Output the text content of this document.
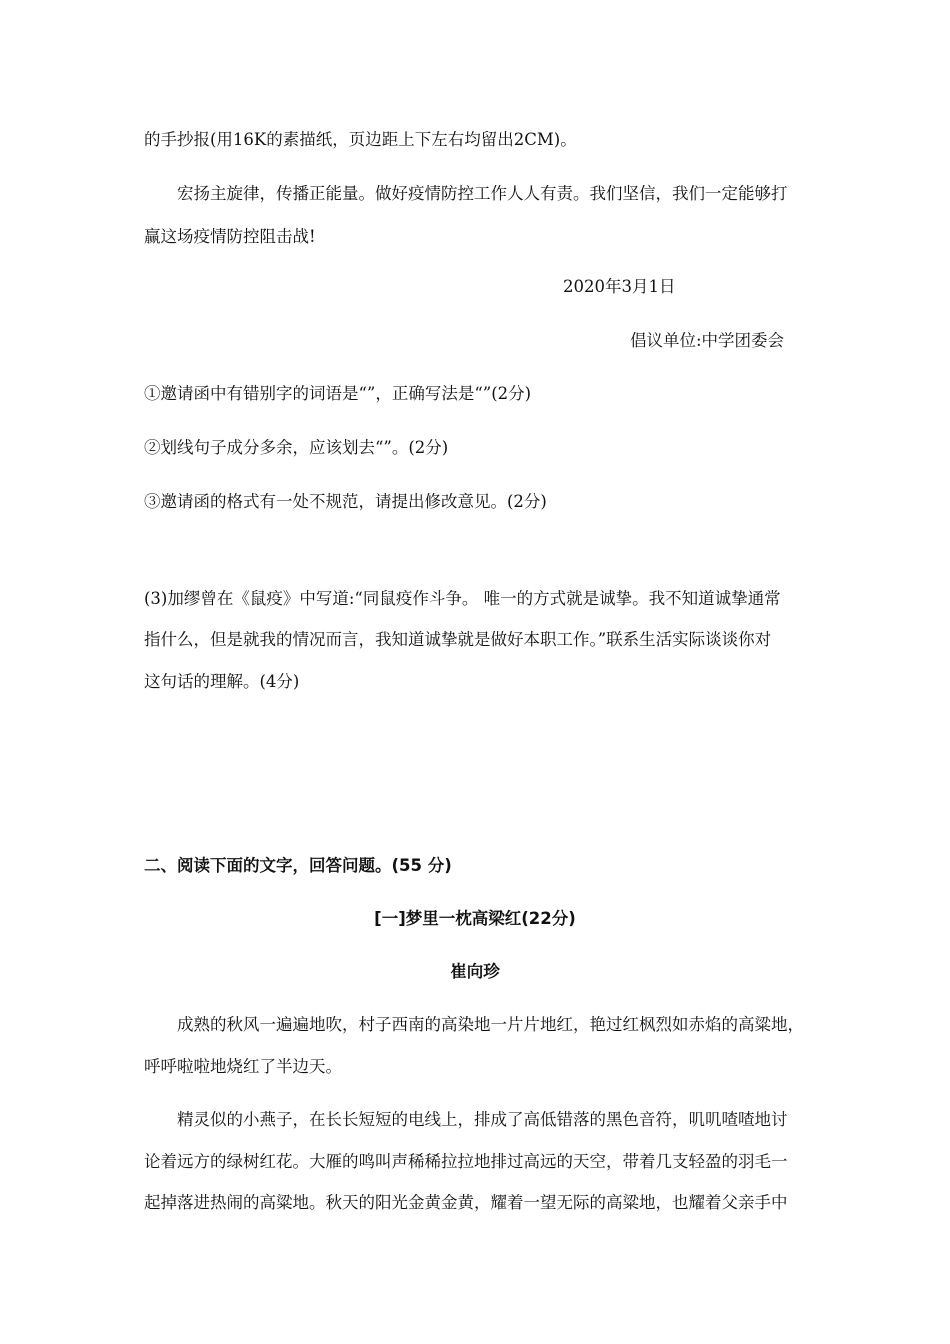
的手抄报(用16K的素描纸，页边距上下左右均留出2CM)。
宏扬主旋律，传播正能量。做好疫情防控工作人人有责。我们坚信，我们一定能够打
赢这场疫情防控阻击战!
2020年3月1日
倡议单位:中学团委会
①邀请函中有错别字的词语是“”，正确写法是“”(2分)
②划线句子成分多余，应该划去“”。(2分)
③邀请函的格式有一处不规范，请提出修改意见。(2分)
(3)加缪曾在《鼠疫》中写道:“同鼠疫作斗争。 唯一的方式就是诚挚。我不知道诚挚通常
指什么，但是就我的情况而言，我知道诚挚就是做好本职工作。”联系生活实际谈谈你对
这句话的理解。(4分)
二、阅读下面的文字，回答问题。(55 分)
[一]梦里一枕高梁红(22分)
崔向珍
成熟的秋风一遍遍地吹，村子西南的高染地一片片地红，艳过红枫烈如赤焰的高粱地，
呼呼啦啦地烧红了半边天。
精灵似的小燕子，在长长短短的电线上，排成了高低错落的黑色音符，叽叽喳喳地讨
论着远方的绿树红花。大雁的鸣叫声稀稀拉拉地排过高远的天空，带着几支轻盈的羽毛一
起掉落进热闹的高粱地。秋天的阳光金黄金黄，耀着一望无际的高粱地，也耀着父亲手中
